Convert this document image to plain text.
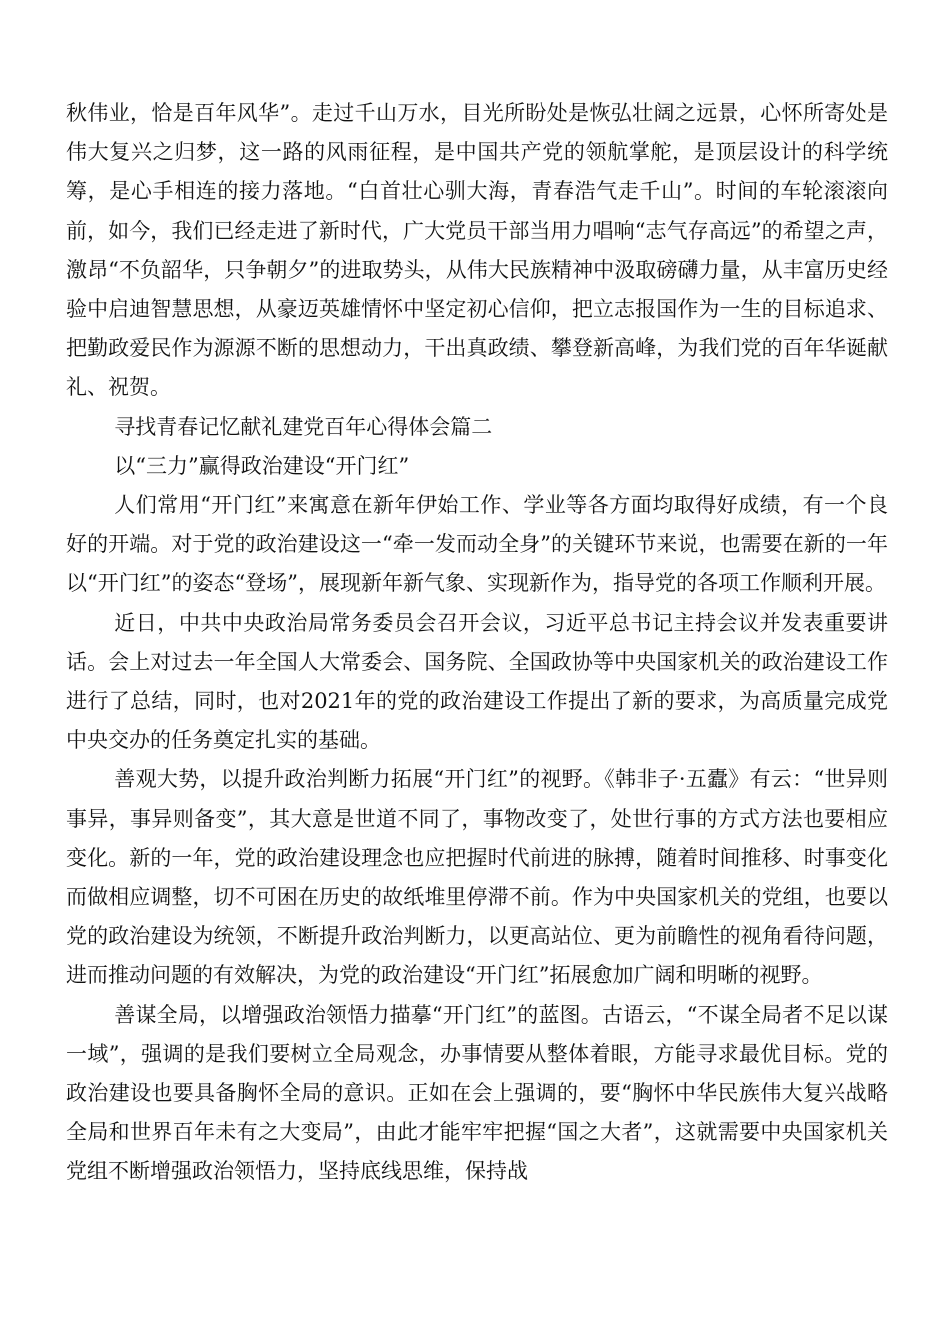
秋伟业，恰是百年风华”。走过千山万水，目光所盼处是恢弘壮阔之远景，心怀所寄处是伟大复兴之归梦，这一路的风雨征程，是中国共产党的领航掌舵，是顶层设计的科学统筹，是心手相连的接力落地。“白首壮心驯大海，青春浩气走千山”。时间的车轮滚滚向前，如今，我们已经走进了新时代，广大党员干部当用力唱响“志气存高远”的希望之声，激昂“不负韶华，只争朝夕”的进取势头，从伟大民族精神中汲取磅礴力量，从丰富历史经验中启迪智慧思想，从豪迈英雄情怀中坚定初心信仰，把立志报国作为一生的目标追求、把勤政爱民作为源源不断的思想动力，干出真政绩、攀登新高峰，为我们党的百年华诞献礼、祝贺。

寻找青春记忆献礼建党百年心得体会篇二

以“三力”赢得政治建设“开门红”

人们常用“开门红”来寓意在新年伊始工作、学业等各方面均取得好成绩，有一个良好的开端。对于党的政治建设这一“牵一发而动全身”的关键环节来说，也需要在新的一年以“开门红”的姿态“登场”，展现新年新气象、实现新作为，指导党的各项工作顺利开展。

近日，中共中央政治局常务委员会召开会议，习近平总书记主持会议并发表重要讲话。会上对过去一年全国人大常委会、国务院、全国政协等中央国家机关的政治建设工作进行了总结，同时，也对2021年的党的政治建设工作提出了新的要求，为高质量完成党中央交办的任务奠定扎实的基础。

善观大势，以提升政治判断力拓展“开门红”的视野。《韩非子·五蠹》有云：“世异则事异，事异则备变”，其大意是世道不同了，事物改变了，处世行事的方式方法也要相应变化。新的一年，党的政治建设理念也应把握时代前进的脉搏，随着时间推移、时事变化而做相应调整，切不可困在历史的故纸堆里停滞不前。作为中央国家机关的党组，也要以党的政治建设为统领，不断提升政治判断力，以更高站位、更为前瞻性的视角看待问题，进而推动问题的有效解决，为党的政治建设“开门红”拓展愈加广阔和明晰的视野。

善谋全局，以增强政治领悟力描摹“开门红”的蓝图。古语云，“不谋全局者不足以谋一域”，强调的是我们要树立全局观念，办事情要从整体着眼，方能寻求最优目标。党的政治建设也要具备胸怀全局的意识。正如在会上强调的，要“胸怀中华民族伟大复兴战略全局和世界百年未有之大变局”，由此才能牢牢把握“国之大者”，这就需要中央国家机关党组不断增强政治领悟力，坚持底线思维，保持战
